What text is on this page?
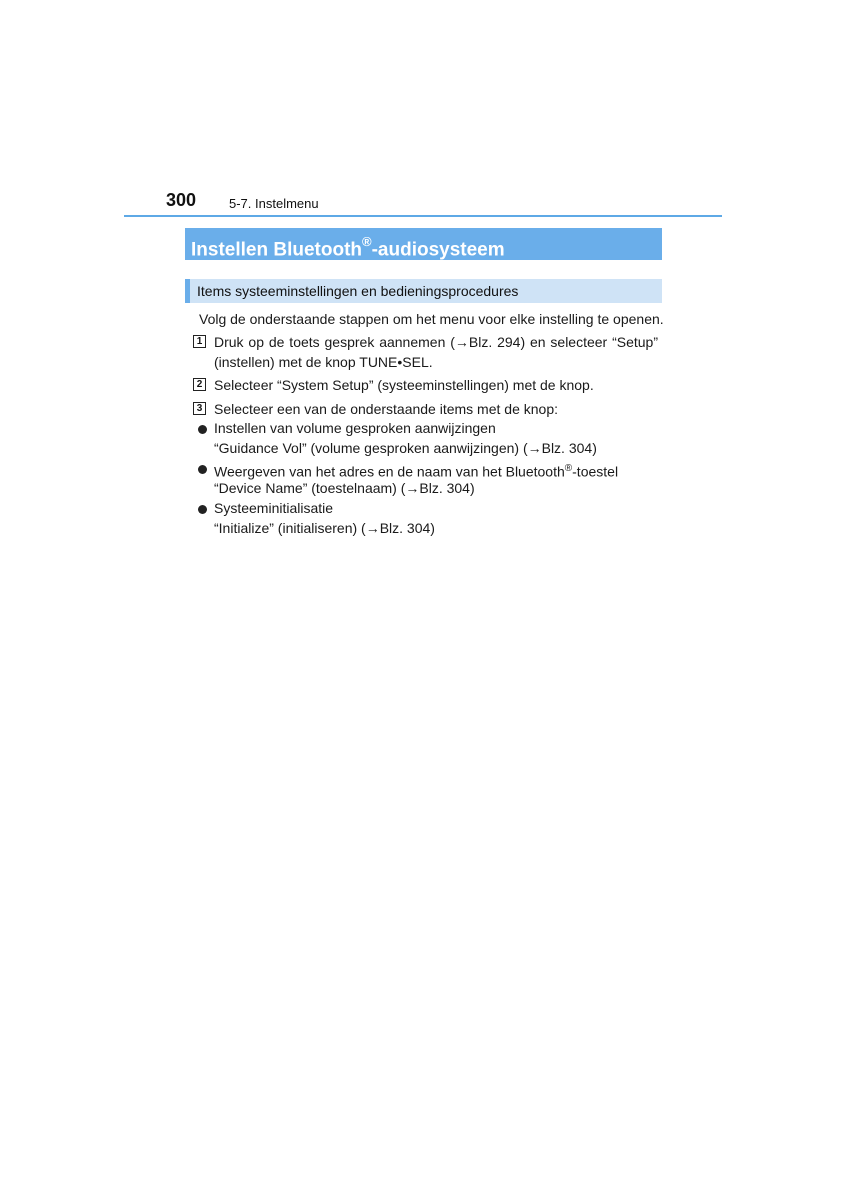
300	5-7. Instelmenu
Instellen Bluetooth®-audiosysteem
Items systeeminstellingen en bedieningsprocedures
Volg de onderstaande stappen om het menu voor elke instelling te openen.
1 Druk op de toets gesprek aannemen (→Blz. 294) en selecteer “Setup” (instellen) met de knop TUNE•SEL.
2 Selecteer “System Setup” (systeeminstellingen) met de knop.
3 Selecteer een van de onderstaande items met de knop:
Instellen van volume gesproken aanwijzingen
“Guidance Vol” (volume gesproken aanwijzingen) (→Blz. 304)
Weergeven van het adres en de naam van het Bluetooth®-toestel
“Device Name” (toestelnaam) (→Blz. 304)
Systeeminitialisatie
“Initialize” (initialiseren) (→Blz. 304)
